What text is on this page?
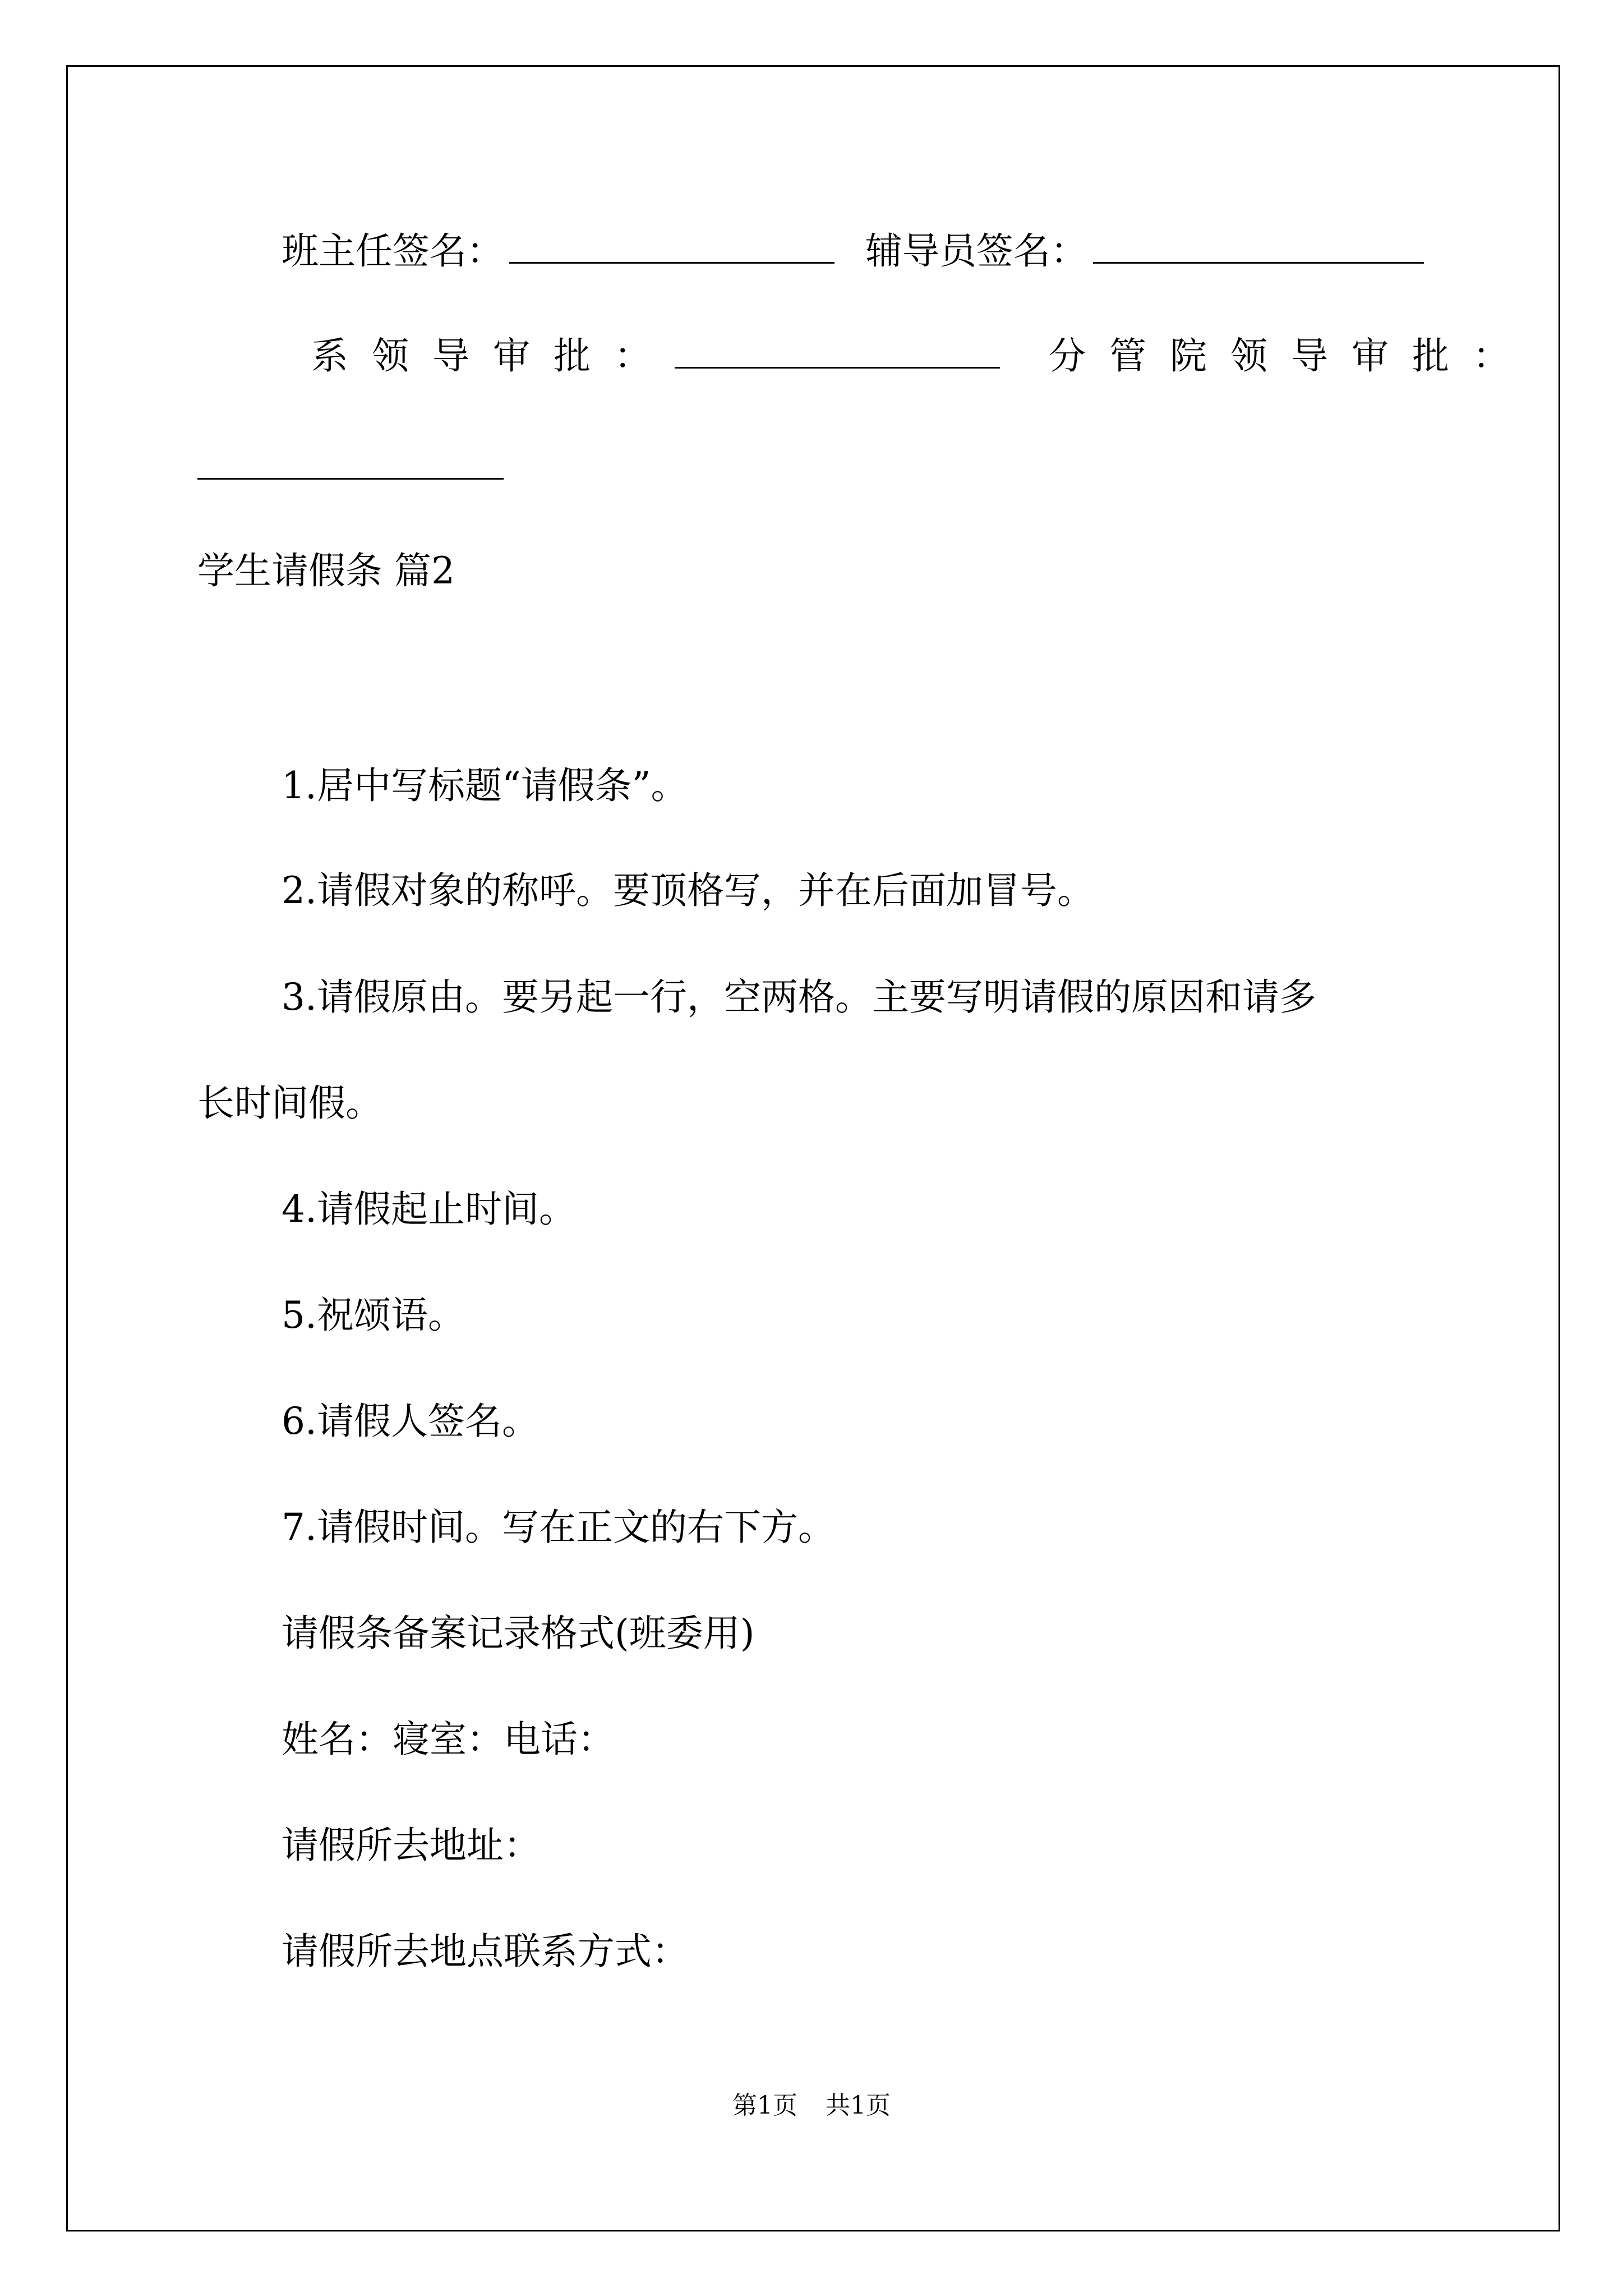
班主任签名：	辅导员签名：
系领导审批：	分管院领导审批：
学生请假条 篇2
1.居中写标题“请假条”。
2.请假对象的称呼。要顶格写，并在后面加冒号。
3.请假原由。要另起一行，空两格。主要写明请假的原因和请多
长时间假。
4.请假起止时间。
5.祝颂语。
6.请假人签名。
7.请假时间。写在正文的右下方。
请假条备案记录格式(班委用)
姓名：寝室：电话：
请假所去地址：
请假所去地点联系方式：
第1页 共1页
